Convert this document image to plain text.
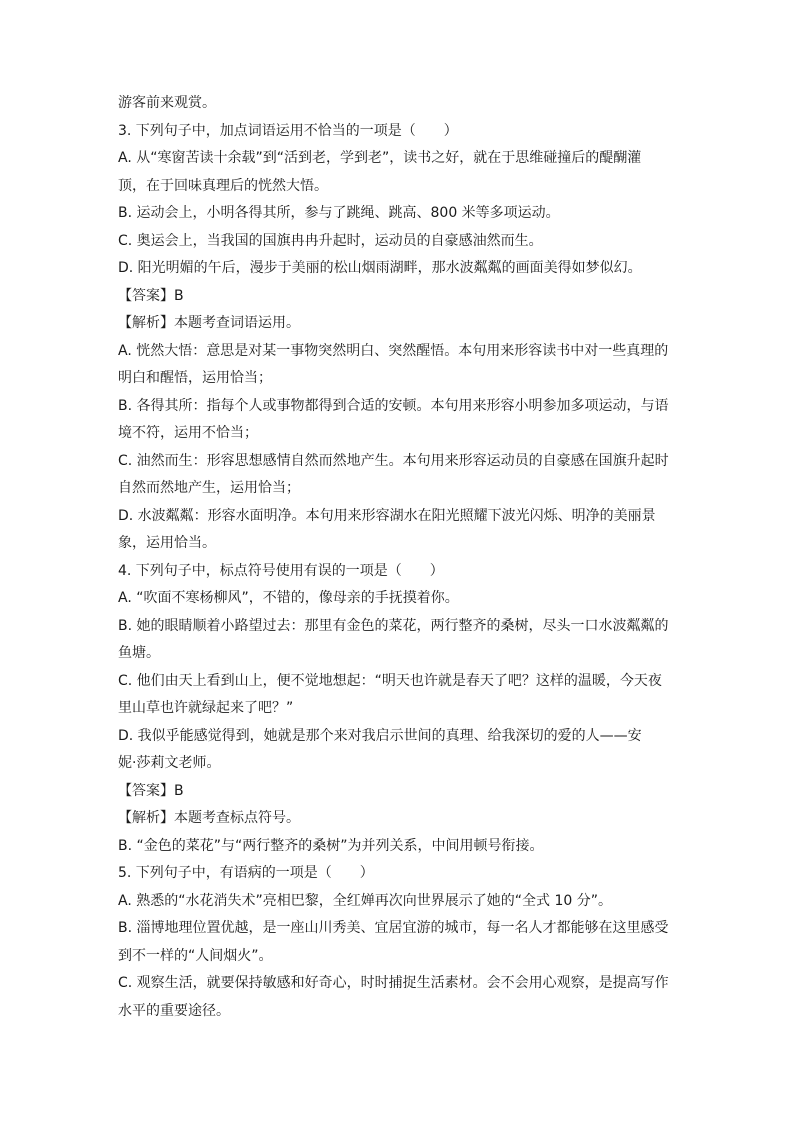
游客前来观赏。
3. 下列句子中，加点词语运用不恰当的一项是（　　）
A. 从“寒窗苦读十余载”到“活到老，学到老”，读书之好，就在于思维碰撞后的醍醐灌
顶，在于回味真理后的恍然大悟。
B. 运动会上，小明各得其所，参与了跳绳、跳高、800 米等多项运动。
C. 奥运会上，当我国的国旗冉冉升起时，运动员的自豪感油然而生。
D. 阳光明媚的午后，漫步于美丽的松山烟雨湖畔，那水波粼粼的画面美得如梦似幻。
【答案】B
【解析】本题考查词语运用。
A. 恍然大悟：意思是对某一事物突然明白、突然醒悟。本句用来形容读书中对一些真理的
明白和醒悟，运用恰当；
B. 各得其所：指每个人或事物都得到合适的安顿。本句用来形容小明参加多项运动，与语
境不符，运用不恰当；
C. 油然而生：形容思想感情自然而然地产生。本句用来形容运动员的自豪感在国旗升起时
自然而然地产生，运用恰当；
D. 水波粼粼：形容水面明净。本句用来形容湖水在阳光照耀下波光闪烁、明净的美丽景
象，运用恰当。
4. 下列句子中，标点符号使用有误的一项是（　　）
A. “吹面不寒杨柳风”，不错的，像母亲的手抚摸着你。
B. 她的眼睛顺着小路望过去：那里有金色的菜花，两行整齐的桑树，尽头一口水波粼粼的
鱼塘。
C. 他们由天上看到山上，便不觉地想起：“明天也许就是春天了吧？这样的温暖，今天夜
里山草也许就绿起来了吧？”
D. 我似乎能感觉得到，她就是那个来对我启示世间的真理、给我深切的爱的人——安
妮·莎莉文老师。
【答案】B
【解析】本题考查标点符号。
B. “金色的菜花”与“两行整齐的桑树”为并列关系，中间用顿号衔接。
5. 下列句子中，有语病的一项是（　　）
A. 熟悉的“水花消失术”亮相巴黎，全红婵再次向世界展示了她的“全式 10 分”。
B. 淄博地理位置优越，是一座山川秀美、宜居宜游的城市，每一名人才都能够在这里感受
到不一样的“人间烟火”。
C. 观察生活，就要保持敏感和好奇心，时时捕捉生活素材。会不会用心观察，是提高写作
水平的重要途径。
